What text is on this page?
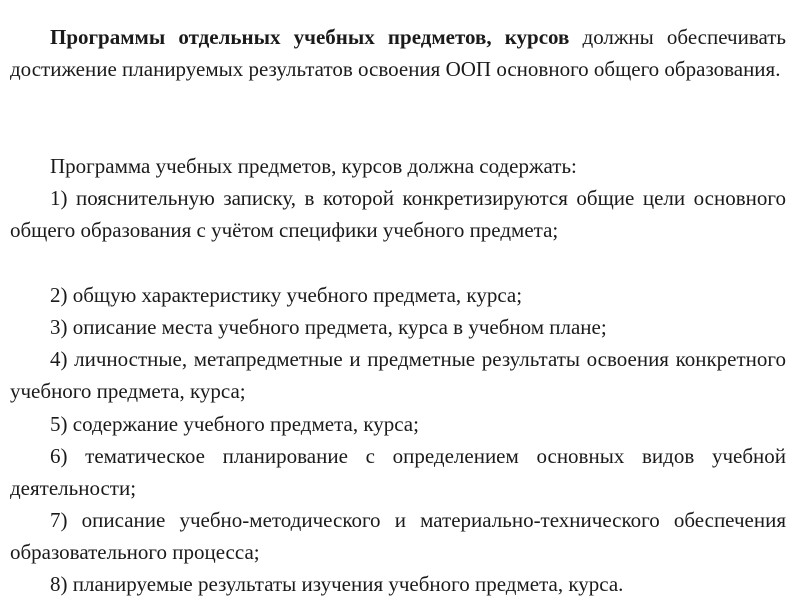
Программы отдельных учебных предметов, курсов должны обеспечивать достижение планируемых результатов освоения ООП основного общего образования.

Программа учебных предметов, курсов должна содержать:

1) пояснительную записку, в которой конкретизируются общие цели основного общего образования с учётом специфики учебного предмета;

2) общую характеристику учебного предмета, курса;

3) описание места учебного предмета, курса в учебном плане;

4) личностные, метапредметные и предметные результаты освоения конкретного учебного предмета, курса;

5) содержание учебного предмета, курса;

6) тематическое планирование с определением основных видов учебной деятельности;

7) описание учебно-методического и материально-технического обеспечения образовательного процесса;

8) планируемые результаты изучения учебного предмета, курса.
